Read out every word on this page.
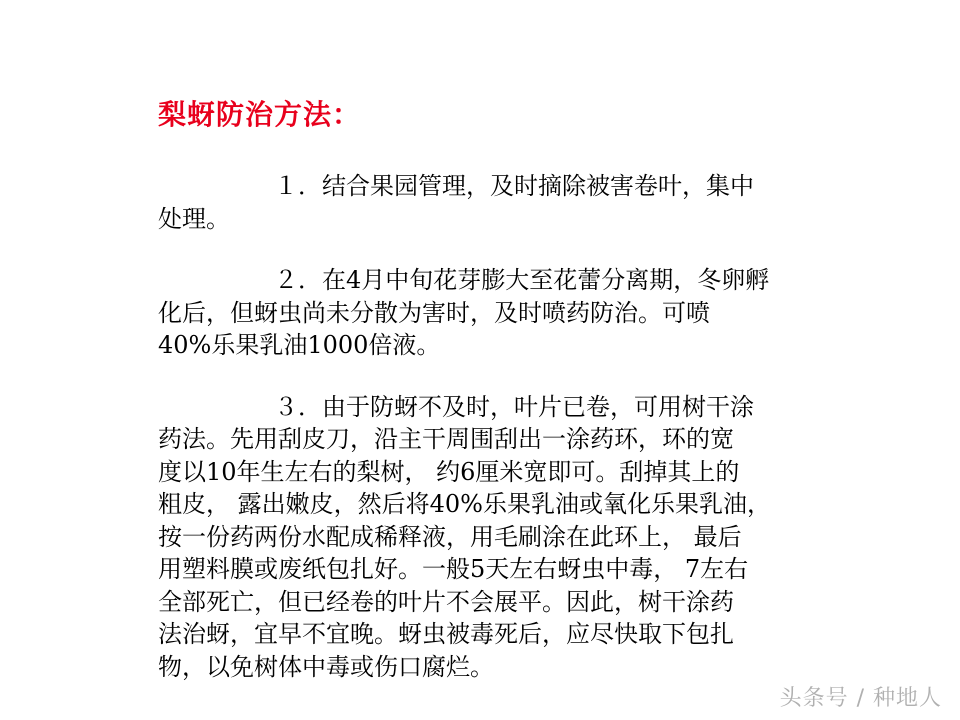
梨蚜防治方法：
１．结合果园管理，及时摘除被害卷叶，集中
处理。
２．在4月中旬花芽膨大至花蕾分离期，冬卵孵
化后，但蚜虫尚未分散为害时，及时喷药防治。可喷
40%乐果乳油1000倍液。
３．由于防蚜不及时，叶片已卷，可用树干涂
药法。先用刮皮刀，沿主干周围刮出一涂药环，环的宽
度以10年生左右的梨树， 约6厘米宽即可。刮掉其上的
粗皮， 露出嫩皮，然后将40%乐果乳油或氧化乐果乳油，
按一份药两份水配成稀释液，用毛刷涂在此环上， 最后
用塑料膜或废纸包扎好。一般5天左右蚜虫中毒， 7左右
全部死亡，但已经卷的叶片不会展平。因此，树干涂药
法治蚜，宜早不宜晚。蚜虫被毒死后，应尽快取下包扎
物，以免树体中毒或伤口腐烂。
头条号 / 种地人
